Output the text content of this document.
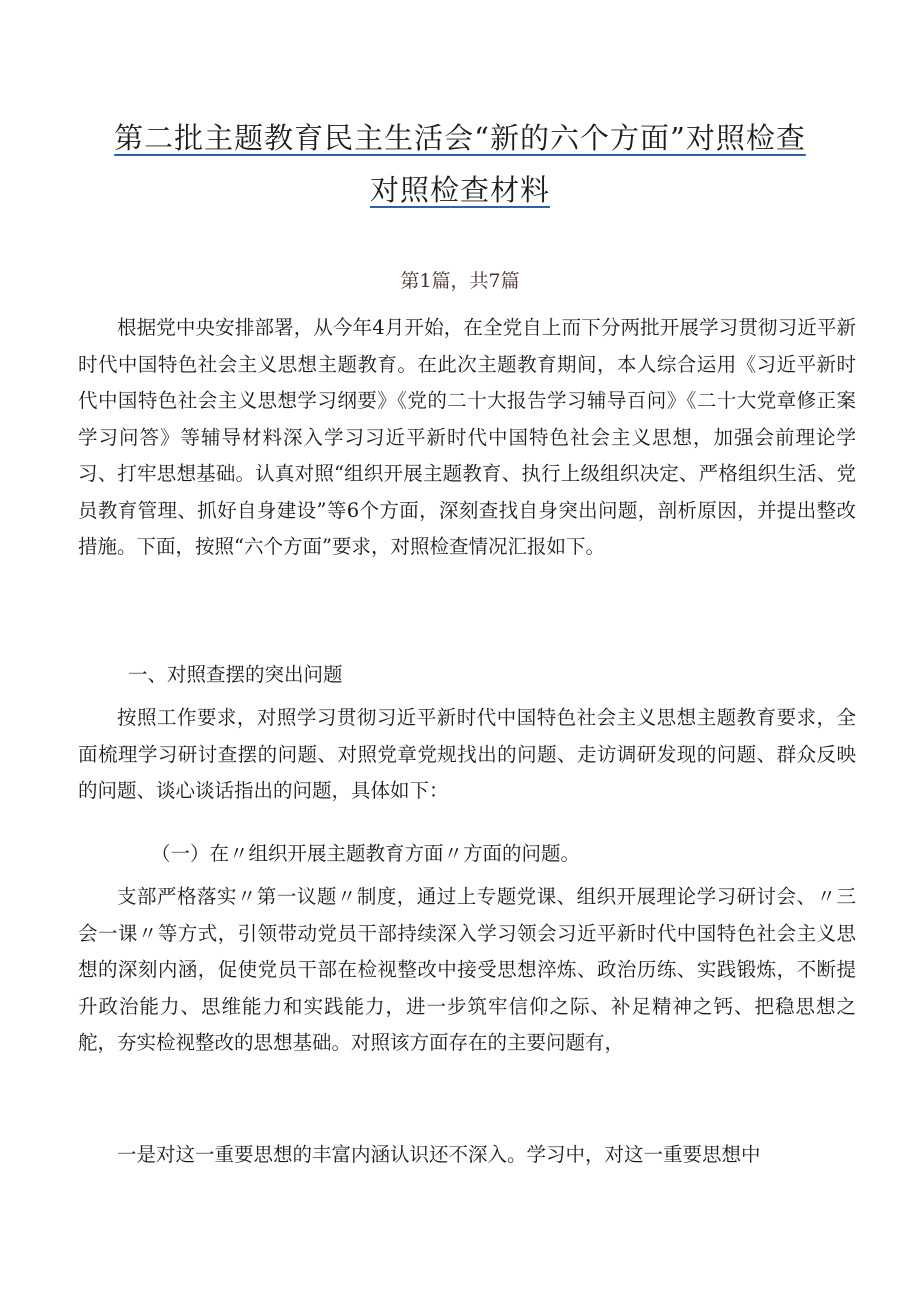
第二批主题教育民主生活会“新的六个方面”对照检查
对照检查材料
第1篇，共7篇

根据党中央安排部署，从今年4月开始，在全党自上而下分两批开展学习贯彻习近平新时代中国特色社会主义思想主题教育。在此次主题教育期间，本人综合运用《习近平新时代中国特色社会主义思想学习纲要》《党的二十大报告学习辅导百问》《二十大党章修正案学习问答》等辅导材料深入学习习近平新时代中国特色社会主义思想，加强会前理论学习、打牢思想基础。认真对照“组织开展主题教育、执行上级组织决定、严格组织生活、党员教育管理、抓好自身建设”等6个方面，深刻查找自身突出问题，剖析原因，并提出整改措施。下面，按照“六个方面”要求，对照检查情况汇报如下。

一、对照查摆的突出问题

按照工作要求，对照学习贯彻习近平新时代中国特色社会主义思想主题教育要求，全面梳理学习研讨查摆的问题、对照党章党规找出的问题、走访调研发现的问题、群众反映的问题、谈心谈话指出的问题，具体如下：

（一）在〃组织开展主题教育方面〃方面的问题。

支部严格落实〃第一议题〃制度，通过上专题党课、组织开展理论学习研讨会、〃三会一课〃等方式，引领带动党员干部持续深入学习领会习近平新时代中国特色社会主义思想的深刻内涵，促使党员干部在检视整改中接受思想淬炼、政治历练、实践锻炼，不断提升政治能力、思维能力和实践能力，进一步筑牢信仰之际、补足精神之钙、把稳思想之舵，夯实检视整改的思想基础。对照该方面存在的主要问题有，

一是对这一重要思想的丰富内涵认识还不深入。学习中，对这一重要思想中
